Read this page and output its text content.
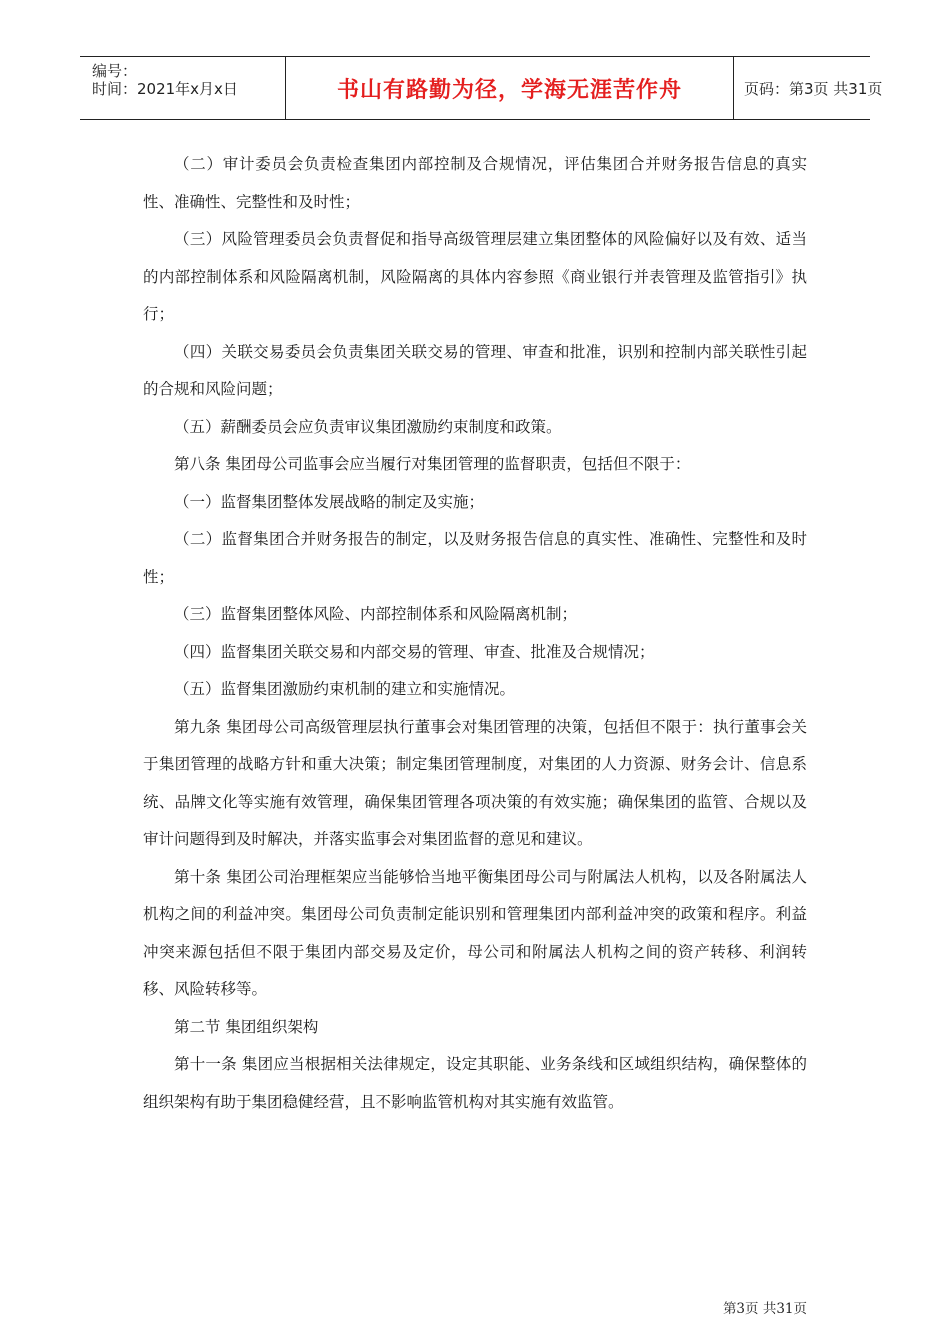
编号：
时间：2021年x月x日	书山有路勤为径，学海无涯苦作舟	页码：第3页 共31页

（二）审计委员会负责检查集团内部控制及合规情况，评估集团合并财务报告信息的真实性、准确性、完整性和及时性；

（三）风险管理委员会负责督促和指导高级管理层建立集团整体的风险偏好以及有效、适当的内部控制体系和风险隔离机制，风险隔离的具体内容参照《商业银行并表管理及监管指引》执行；

（四）关联交易委员会负责集团关联交易的管理、审查和批准，识别和控制内部关联性引起的合规和风险问题；

（五）薪酬委员会应负责审议集团激励约束制度和政策。

第八条 集团母公司监事会应当履行对集团管理的监督职责，包括但不限于：

（一）监督集团整体发展战略的制定及实施；

（二）监督集团合并财务报告的制定，以及财务报告信息的真实性、准确性、完整性和及时性；

（三）监督集团整体风险、内部控制体系和风险隔离机制；

（四）监督集团关联交易和内部交易的管理、审查、批准及合规情况；

（五）监督集团激励约束机制的建立和实施情况。

第九条 集团母公司高级管理层执行董事会对集团管理的决策，包括但不限于：执行董事会关于集团管理的战略方针和重大决策；制定集团管理制度，对集团的人力资源、财务会计、信息系统、品牌文化等实施有效管理，确保集团管理各项决策的有效实施；确保集团的监管、合规以及审计问题得到及时解决，并落实监事会对集团监督的意见和建议。

第十条 集团公司治理框架应当能够恰当地平衡集团母公司与附属法人机构，以及各附属法人机构之间的利益冲突。集团母公司负责制定能识别和管理集团内部利益冲突的政策和程序。利益冲突来源包括但不限于集团内部交易及定价，母公司和附属法人机构之间的资产转移、利润转移、风险转移等。

第二节 集团组织架构

第十一条 集团应当根据相关法律规定，设定其职能、业务条线和区域组织结构，确保整体的组织架构有助于集团稳健经营，且不影响监管机构对其实施有效监管。

第3页 共31页
